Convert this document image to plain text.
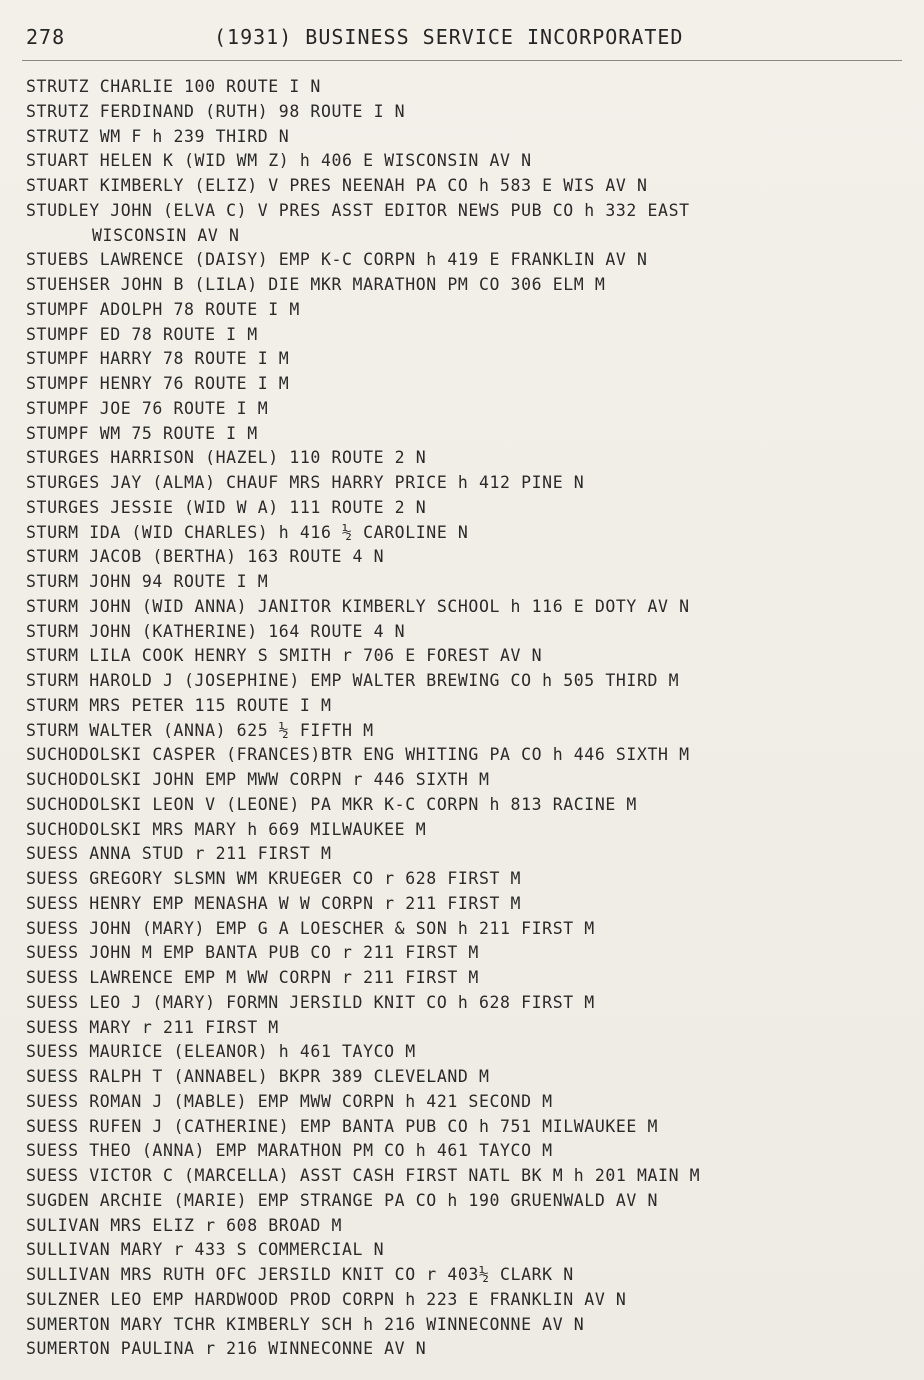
278	(1931) BUSINESS SERVICE INCORPORATED
STRUTZ CHARLIE 100 ROUTE I N
STRUTZ FERDINAND (RUTH) 98 ROUTE I N
STRUTZ WM F h 239 THIRD N
STUART HELEN K (WID WM Z) h 406 E WISCONSIN AV N
STUART KIMBERLY (ELIZ) V PRES NEENAH PA CO h 583 E WIS AV N
STUDLEY JOHN (ELVA C) V PRES ASST EDITOR NEWS PUB CO h 332 EAST
WISCONSIN AV N
STUEBS LAWRENCE (DAISY) EMP K-C CORPN h 419 E FRANKLIN AV N
STUEHSER JOHN B (LILA) DIE MKR MARATHON PM CO 306 ELM M
STUMPF ADOLPH 78 ROUTE I M
STUMPF ED 78 ROUTE I M
STUMPF HARRY 78 ROUTE I M
STUMPF HENRY 76 ROUTE I M
STUMPF JOE 76 ROUTE I M
STUMPF WM 75 ROUTE I M
STURGES HARRISON (HAZEL) 110 ROUTE 2 N
STURGES JAY (ALMA) CHAUF MRS HARRY PRICE h 412 PINE N
STURGES JESSIE (WID W A) 111 ROUTE 2 N
STURM IDA (WID CHARLES) h 416 ½ CAROLINE N
STURM JACOB (BERTHA) 163 ROUTE 4 N
STURM JOHN 94 ROUTE I M
STURM JOHN (WID ANNA) JANITOR KIMBERLY SCHOOL h 116 E DOTY AV N
STURM JOHN (KATHERINE) 164 ROUTE 4 N
STURM LILA COOK HENRY S SMITH r 706 E FOREST AV N
STURM HAROLD J (JOSEPHINE) EMP WALTER BREWING CO h 505 THIRD M
STURM MRS PETER 115 ROUTE I M
STURM WALTER (ANNA) 625 ½ FIFTH M
SUCHODOLSKI CASPER (FRANCES)BTR ENG WHITING PA CO h 446 SIXTH M
SUCHODOLSKI JOHN EMP MWW CORPN r 446 SIXTH M
SUCHODOLSKI LEON V (LEONE) PA MKR K-C CORPN h 813 RACINE M
SUCHODOLSKI MRS MARY h 669 MILWAUKEE M
SUESS ANNA STUD r 211 FIRST M
SUESS GREGORY SLSMN WM KRUEGER CO r 628 FIRST M
SUESS HENRY EMP MENASHA W W CORPN r 211 FIRST M
SUESS JOHN (MARY) EMP G A LOESCHER & SON h 211 FIRST M
SUESS JOHN M EMP BANTA PUB CO r 211 FIRST M
SUESS LAWRENCE EMP M WW CORPN r 211 FIRST M
SUESS LEO J (MARY) FORMN JERSILD KNIT CO h 628 FIRST M
SUESS MARY r 211 FIRST M
SUESS MAURICE (ELEANOR) h 461 TAYCO M
SUESS RALPH T (ANNABEL) BKPR 389 CLEVELAND M
SUESS ROMAN J (MABLE) EMP MWW CORPN h 421 SECOND M
SUESS RUFEN J (CATHERINE) EMP BANTA PUB CO h 751 MILWAUKEE M
SUESS THEO (ANNA) EMP MARATHON PM CO h 461 TAYCO M
SUESS VICTOR C (MARCELLA) ASST CASH FIRST NATL BK M h 201 MAIN M
SUGDEN ARCHIE (MARIE) EMP STRANGE PA CO h 190 GRUENWALD AV N
SULIVAN MRS ELIZ r 608 BROAD M
SULLIVAN MARY r 433 S COMMERCIAL N
SULLIVAN MRS RUTH OFC JERSILD KNIT CO r 403½ CLARK N
SULZNER LEO EMP HARDWOOD PROD CORPN h 223 E FRANKLIN AV N
SUMERTON MARY TCHR KIMBERLY SCH h 216 WINNECONNE AV N
SUMERTON PAULINA r 216 WINNECONNE AV N
